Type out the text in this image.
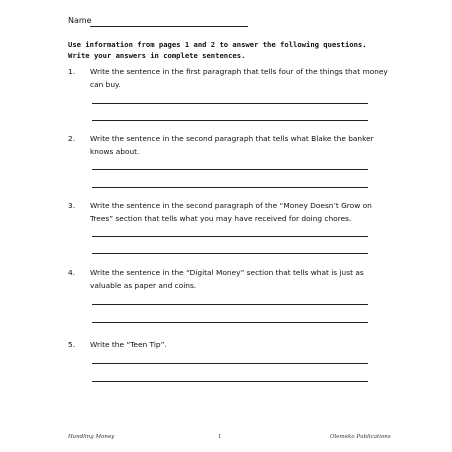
Name
Use information from pages 1 and 2 to answer the following questions.
Write your answers in complete sentences.
1. Write the sentence in the first paragraph that tells four of the things that money can buy.
2. Write the sentence in the second paragraph that tells what Blake the banker knows about.
3. Write the sentence in the second paragraph of the “Money Doesn’t Grow on Trees” section that tells what you may have received for doing chores.
4. Write the sentence in the “Digital Money” section that tells what is just as valuable as paper and coins.
5. Write the “Teen Tip”.
Handling Money	1	Olemeko Publications
